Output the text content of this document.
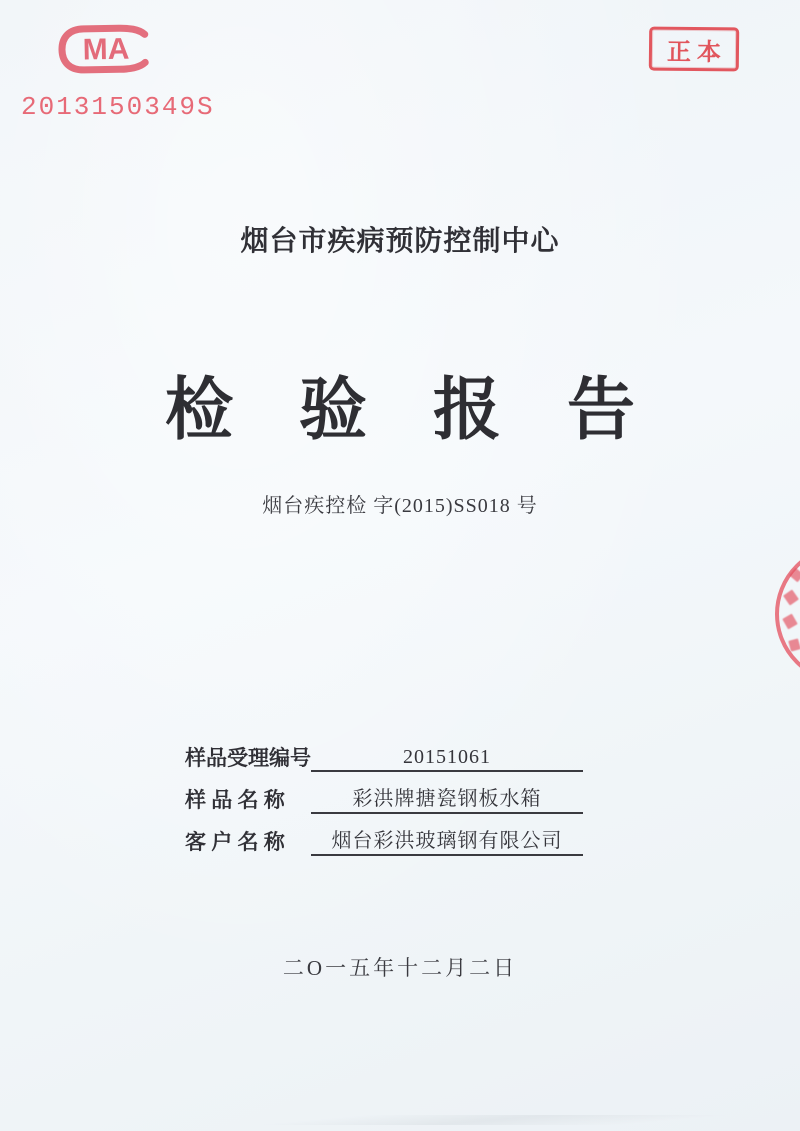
MA
2013150349S
正 本
烟台市疾病预防控制中心
检验报告
烟台疾控检 字(2015)SS018 号
样品受理编号	20151061
样 品 名 称	彩洪牌搪瓷钢板水箱
客 户 名 称	烟台彩洪玻璃钢有限公司
二O一五年十二月二日
